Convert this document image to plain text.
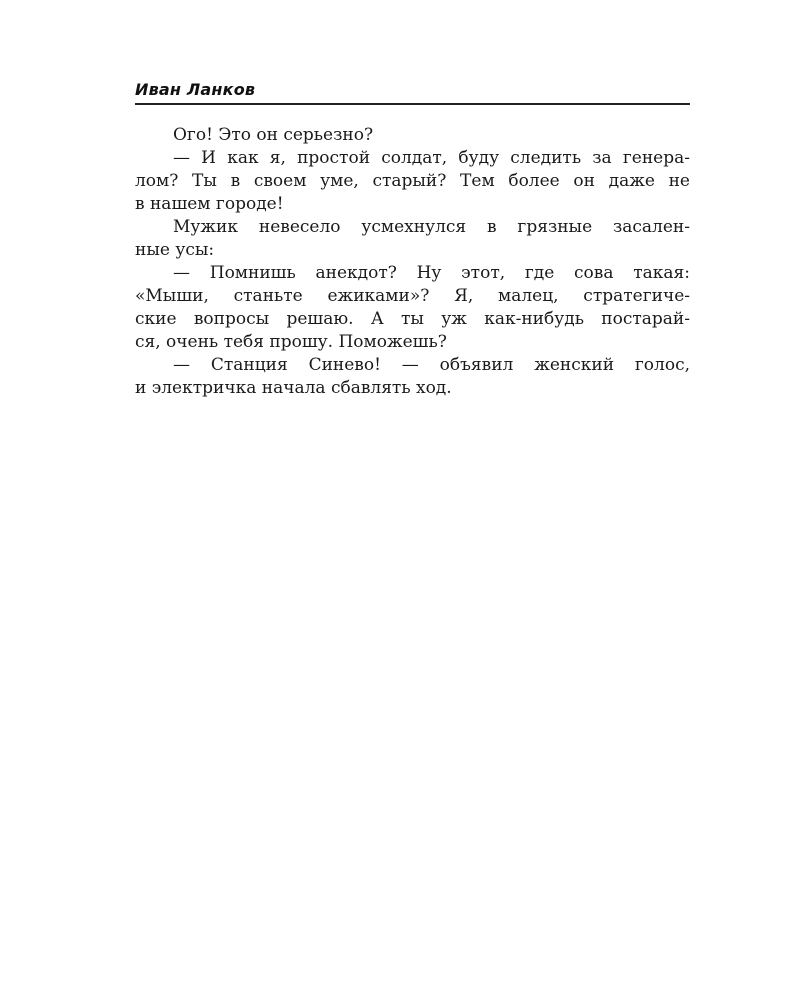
Иван Ланков
Ого! Это он серьезно?
— И как я, простой солдат, буду следить за генера-
лом? Ты в своем уме, старый? Тем более он даже не
в нашем городе!
Мужик невесело усмехнулся в грязные засален-
ные усы:
— Помнишь анекдот? Ну этот, где сова такая:
«Мыши, станьте ежиками»? Я, малец, стратегиче-
ские вопросы решаю. А ты уж как-нибудь постарай-
ся, очень тебя прошу. Поможешь?
— Станция Синево! — объявил женский голос,
и электричка начала сбавлять ход.
